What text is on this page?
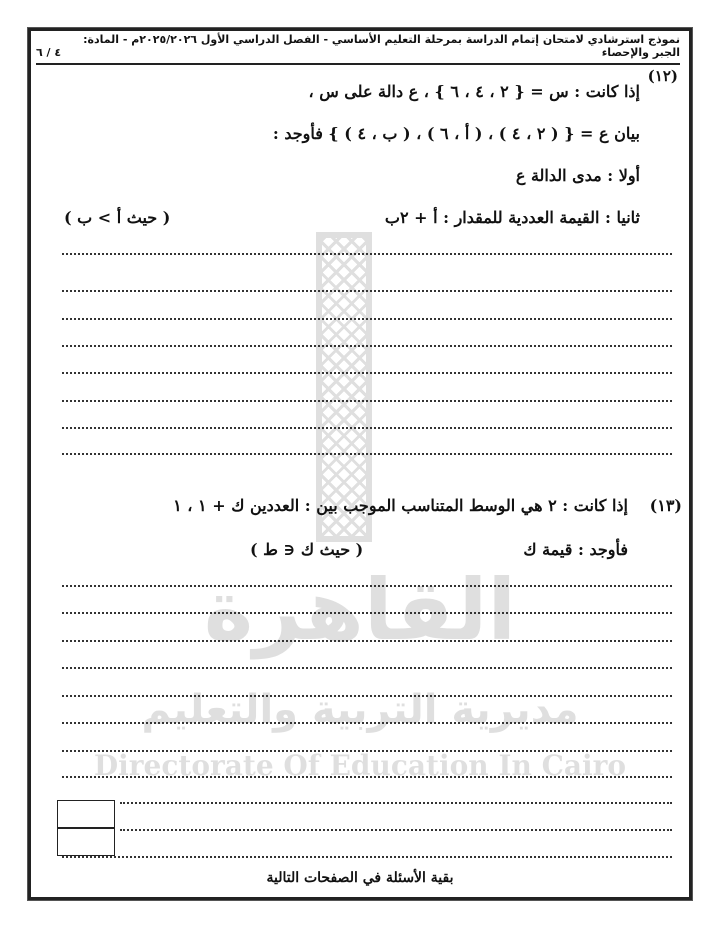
نموذج استرشادي لامتحان إتمام الدراسة بمرحلة التعليم الأساسي - الفصل الدراسي الأول ٢٠٢٥/٢٠٢٦م - المادة: الجبر والإحصاء
٤ / ٦
القاهرة
مديرية التربية والتعليم
Directorate Of Education In Cairo
(١٢)
إذا كانت : س = { ٢ ، ٤ ، ٦ } ، ع دالة على س ،
بيان ع = { ( ٢ ، ٤ ) ، ( أ ، ٦ ) ، ( ب ، ٤ ) } فأوجد :
أولا : مدى الدالة ع
ثانيا : القيمة العددية للمقدار : أ + ٢ب
( حيث أ > ب )
(١٣)
إذا كانت : ٢ هي الوسط المتناسب الموجب بين : العددين ك + ١ ، ١
فأوجد : قيمة ك
( حيث ك ∈ ط )
بقية الأسئلة في الصفحات التالية
